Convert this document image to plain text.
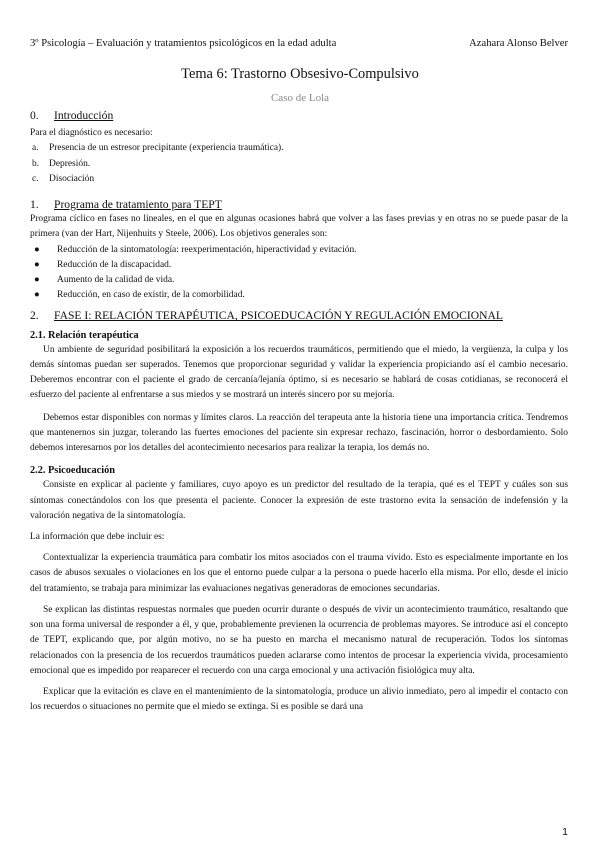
3º Psicología – Evaluación y tratamientos psicológicos en la edad adulta	Azahara Alonso Belver
Tema 6: Trastorno Obsesivo-Compulsivo
Caso de Lola
0.	Introducción

Para el diagnóstico es necesario:

a.	Presencia de un estresor precipitante (experiencia traumática).
b.	Depresión.
c.	Disociación
1.	Programa de tratamiento para TEPT

Programa cíclico en fases no lineales, en el que en algunas ocasiones habrá que volver a las fases previas y en otras no se puede pasar de la primera (van der Hart, Nijenhuits y Steele, 2006). Los objetivos generales son:

●	Reducción de la sintomatología: reexperimentación, hiperactividad y evitación.
●	Reducción de la discapacidad.
●	Aumento de la calidad de vida.
●	Reducción, en caso de existir, de la comorbilidad.
2.	FASE I: RELACIÓN TERAPÉUTICA, PSICOEDUCACIÓN Y REGULACIÓN EMOCIONAL
2.1. Relación terapéutica

Un ambiente de seguridad posibilitará la exposición a los recuerdos traumáticos, permitiendo que el miedo, la vergüenza, la culpa y los demás síntomas puedan ser superados. Tenemos que proporcionar seguridad y validar la experiencia propiciando así el cambio necesario. Deberemos encontrar con el paciente el grado de cercanía/lejanía óptimo, si es necesario se hablará de cosas cotidianas, se reconocerá el esfuerzo del paciente al enfrentarse a sus miedos y se mostrará un interés sincero por su mejoría.

Debemos estar disponibles con normas y límites claros. La reacción del terapeuta ante la historia tiene una importancia crítica. Tendremos que mantenernos sin juzgar, tolerando las fuertes emociones del paciente sin expresar rechazo, fascinación, horror o desbordamiento. Solo debemos interesarnos por los detalles del acontecimiento necesarios para realizar la terapia, los demás no.

2.2. Psicoeducación

Consiste en explicar al paciente y familiares, cuyo apoyo es un predictor del resultado de la terapia, qué es el TEPT y cuáles son sus síntomas conectándolos con los que presenta el paciente. Conocer la expresión de este trastorno evita la sensación de indefensión y la valoración negativa de la sintomatología.

La información que debe incluir es:

Contextualizar la experiencia traumática para combatir los mitos asociados con el trauma vivido. Esto es especialmente importante en los casos de abusos sexuales o violaciones en los que el entorno puede culpar a la persona o puede hacerlo ella misma. Por ello, desde el inicio del tratamiento, se trabaja para minimizar las evaluaciones negativas generadoras de emociones secundarias.

Se explican las distintas respuestas normales que pueden ocurrir durante o después de vivir un acontecimiento traumático, resaltando que son una forma universal de responder a él, y que, probablemente previenen la ocurrencia de problemas mayores. Se introduce así el concepto de TEPT, explicando que, por algún motivo, no se ha puesto en marcha el mecanismo natural de recuperación. Todos los síntomas relacionados con la presencia de los recuerdos traumáticos pueden aclararse como intentos de procesar la experiencia vivida, procesamiento emocional que es impedido por reaparecer el recuerdo con una carga emocional y una activación fisiológica muy alta.

Explicar que la evitación es clave en el mantenimiento de la sintomatología, produce un alivio inmediato, pero al impedir el contacto con los recuerdos o situaciones no permite que el miedo se extinga. Si es posible se dará una

1
